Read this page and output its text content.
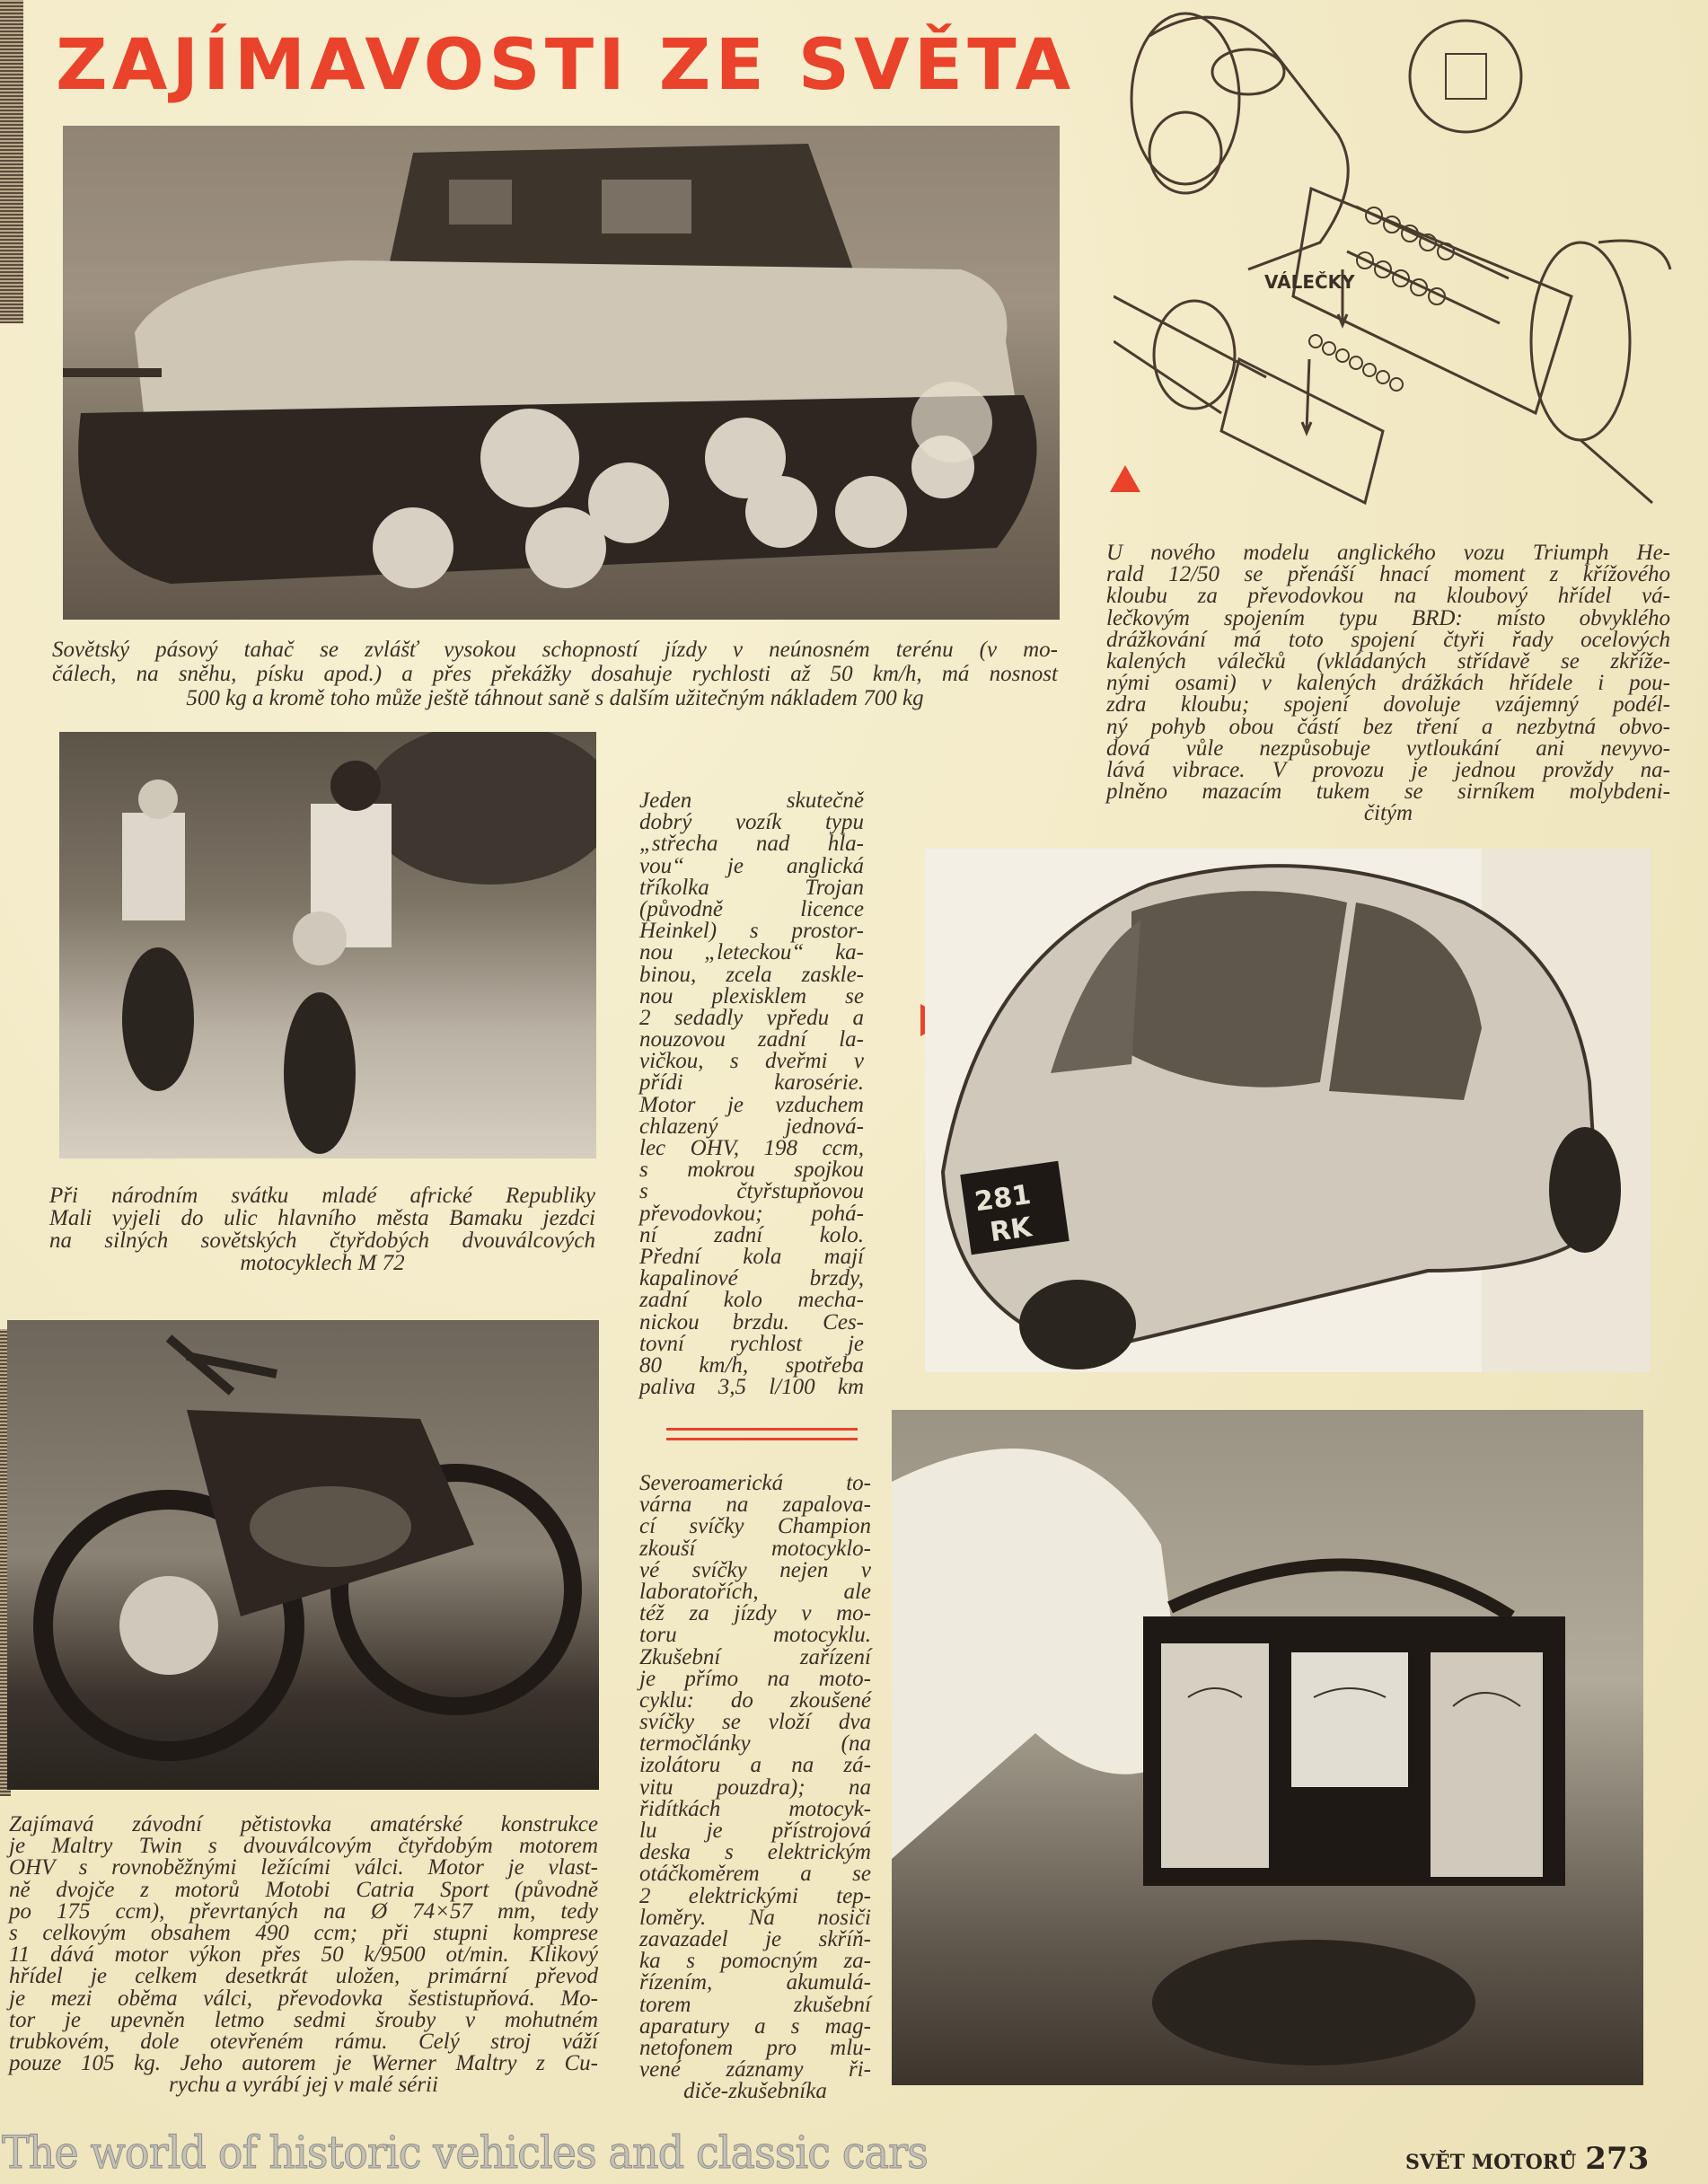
ZAJÍMAVOSTI ZE SVĚTA
Sovětský pásový tahač se zvlášť vysokou schopností jízdy v neúnosném terénu (v mo-
čálech, na sněhu, písku apod.) a přes překážky dosahuje rychlosti až 50 km/h, má nosnost
500 kg a kromě toho může ještě táhnout saně s dalším užitečným nákladem 700 kg
VÁLEČKY
U nového modelu anglického vozu Triumph He-
rald 12/50 se přenáší hnací moment z křížového
kloubu za převodovkou na kloubový hřídel vá-
lečkovým spojením typu BRD: místo obvyklého
drážkování má toto spojení čtyři řady ocelových
kalených válečků (vkládaných střídavě se zkříže-
nými osami) v kalených drážkách hřídele i pou-
zdra kloubu; spojení dovoluje vzájemný podél-
ný pohyb obou částí bez tření a nezbytná obvo-
dová vůle nezpůsobuje vytloukání ani nevyvo-
lává vibrace. V provozu je jednou provždy na-
plněno mazacím tukem se sirníkem molybdeni-
čitým
Při národním svátku mladé africké Republiky
Mali vyjeli do ulic hlavního města Bamaku jezdci
na silných sovětských čtyřdobých dvouválcových
motocyklech M 72
Jeden skutečně
dobrý vozík typu
„střecha nad hla-
vou“ je anglická
tříkolka Trojan
(původně licence
Heinkel) s prostor-
nou „leteckou“ ka-
binou, zcela zaskle-
nou plexisklem se
2 sedadly vpředu a
nouzovou zadní la-
vičkou, s dveřmi v
přídi karosérie.
Motor je vzduchem
chlazený jednová-
lec OHV, 198 ccm,
s mokrou spojkou
s čtyřstupňovou
převodovkou; pohá-
ní zadní kolo.
Přední kola mají
kapalinové brzdy,
zadní kolo mecha-
nickou brzdu. Ces-
tovní rychlost je
80 km/h, spotřeba
paliva 3,5 l/100 km
281
RK
Zajímavá závodní pětistovka amatérské konstrukce
je Maltry Twin s dvouválcovým čtyřdobým motorem
OHV s rovnoběžnými ležícími válci. Motor je vlast-
ně dvojče z motorů Motobi Catria Sport (původně
po 175 ccm), převrtaných na Ø 74×57 mm, tedy
s celkovým obsahem 490 ccm; při stupni komprese
11 dává motor výkon přes 50 k/9500 ot/min. Klikový
hřídel je celkem desetkrát uložen, primární převod
je mezi oběma válci, převodovka šestistupňová. Mo-
tor je upevněn letmo sedmi šrouby v mohutném
trubkovém, dole otevřeném rámu. Celý stroj váží
pouze 105 kg. Jeho autorem je Werner Maltry z Cu-
rychu a vyrábí jej v malé sérii
Severoamerická to-
várna na zapalova-
cí svíčky Champion
zkouší motocyklo-
vé svíčky nejen v
laboratořích, ale
též za jízdy v mo-
toru motocyklu.
Zkušební zařízení
je přímo na moto-
cyklu: do zkoušené
svíčky se vloží dva
termočlánky (na
izolátoru a na zá-
vitu pouzdra); na
řidítkách motocyk-
lu je přístrojová
deska s elektrickým
otáčkoměrem a se
2 elektrickými tep-
loměry. Na nosiči
zavazadel je skříň-
ka s pomocným za-
řízením, akumulá-
torem zkušební
aparatury a s mag-
netofonem pro mlu-
vené záznamy ři-
diče-zkušebníka
The world of historic vehicles and classic cars	SVĚT MOTORŮ 273
